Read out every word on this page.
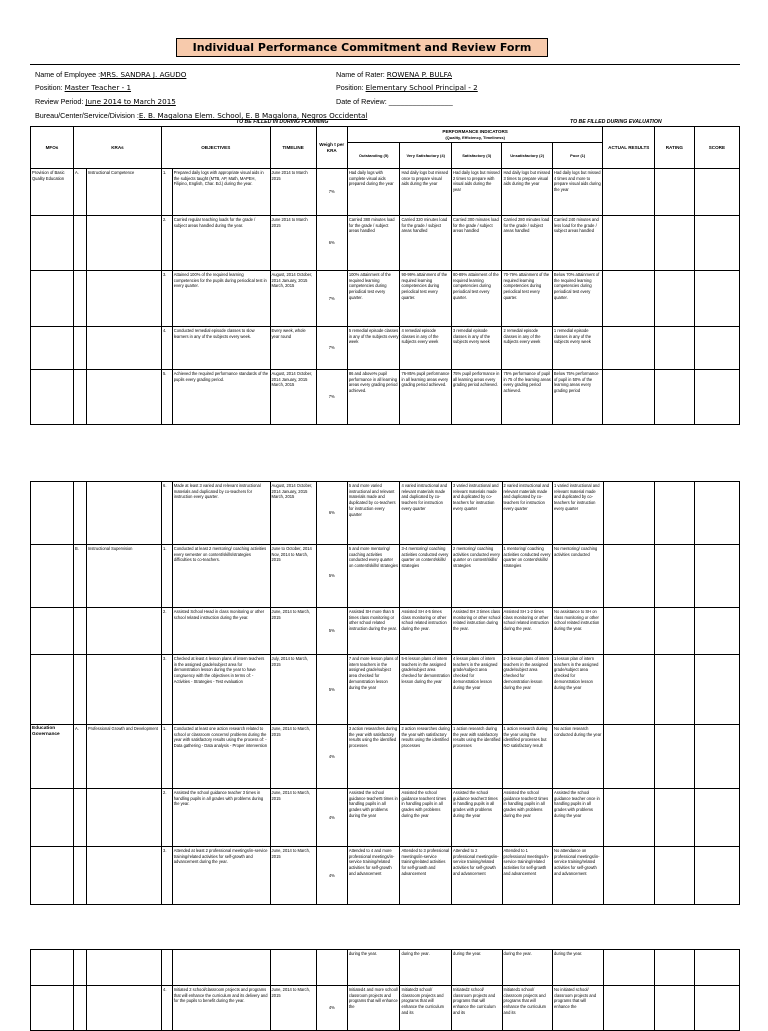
Individual Performance Commitment and Review Form
Name of Employee :MRS. SANDRA J. AGUDO
Position: Master Teacher - 1
Review Period: June 2014 to March 2015
Bureau/Center/Service/Division :E. B. Magalona Elem. School, E. B Magalona, Negros Occidental
Name of Rater: ROWENA P. BULFA
Position: Elementary School Principal - 2
Date of Review: ________________
TO BE FILLED IN DURING PLANNING	TO BE FILLED DURING EVALUATION
MFOs	KRAs		OBJECTIVES		TIMELINE	Weigh t per KRA	PERFORMANCE INDICATORS
(Quality, Efficiency, Timeliness)					ACTUAL RESULTS	RATING	SCORE
							Outstanding (5)	Very Satisfactory (4)	Satisfactory (3)	Unsatisfactory (2)	Poor (1)			
Provision of Basic Quality Education	A.	Instructional Competence	1.	Prepared daily logs with appropriate visual aids in the subjects taught (MTB, AP, Math, MAPEH, Filipino, English, Char. Ed.) during the year.	June 2014 to March 2015	7%	Had daily logs with complete visual aids prepared during the year	Had daily logs but missed once to prepare visual aids during the year	Had daily logs but missed 2 times to prepare with visual aids during the year	Had daily logs but missed 3 times to prepare visual aids during the year	Had daily logs but missed 4 times and more to prepare visual aids during the year			
			2.	Carried regular teaching loads for the grade / subject areas handled during the year.	June 2014 to March 2015	6%	Carried 380 minutes load for the grade / subject areas handled	Carried 320 minutes load for the grade / subject areas handled	Carried 300 minutes load for the grade / subject areas handled	Carried 280 minutes load for the grade / subject areas handled	Carried 240 minutes and less load for the grade / subject areas handled			
			3.	Attained 100% of the required learning competencies for the pupils during periodical test in every quarter.	August, 2014 October, 2014 January, 2015 March, 2015	7%	100% attainment of the required learning competencies during periodical test every quarter.	90-99% attainment of the required learning competencies during periodical test every quarter.	80-89% attainment of the required learning competencies during periodical test every quarter.	70-79% attainment of the required learning competencies during periodical test every quarter.	Below 70% attainment of the required learning competencies during periodical test every quarter.			
			4.	Conducted remedial episode classes to slow learners in any of the subjects every week.	Every week, whole year round	7%	5 remedial episode classes in any of the subjects every week	4 remedial episode classes in any of the subjects every week	3 remedial episode classes in any of the subjects every week	2 remedial episode classes in any of the subjects every week	1 remedial episode classes in any of the subjects every week			
			5.	Achieved the required performance standards of the pupils every grading period.	August, 2014 October, 2014 January, 2015 March, 2015	7%	86 and above% pupil performance in all learning areas every grading period achieved.	76-85% pupil performance in all learning areas every grading period achieved.	75% pupil performance in all learning areas every grading period achieved.	75% performance of pupil in 75 of the learning areas every grading period achieved.	Below 75% performance of pupil in 50% of the learning areas every grading period			
			6.	Made at least 3 varied and relevant instructional materials and duplicated by co-teachers for instruction every quarter.	August, 2014 October, 2014 January, 2015 March, 2015	6%	5 and more varied instructional and relevant materials made and duplicated by co-teachers for instruction every quarter	4 varied instructional and relevant materials made and duplicated by co-teachers for instruction every quarter	3 varied instructional and relevant materials made and duplicated by co-teachers for instruction every quarter	2 varied instructional and relevant materials made and duplicated by co-teachers for instruction every quarter	1 varied instructional and relevant material made and duplicated by co-teachers for instruction every quarter			
	B.	Instructional Supervision	1.	Conducted at least 2 mentoring/ coaching activities every semester on content/skills/strategies difficulties to co-teachers.	June to October, 2014 Nov, 2014 to March, 2015	5%	5 and more mentoring/ coaching activities conducted every quarter on content/skills/ strategies	3-4 mentoring/ coaching activities conducted every quarter on content/skills/ strategies	2 mentoring/ coaching activities conducted every quarter on content/skills/ strategies	1 mentoring/ coaching activities conducted every quarter on content/skills/ strategies	No mentoring/ coaching activities conducted			
			2.	Assisted School Head in class monitoring or other school related instruction during the year.	June, 2014 to March, 2015	5%	Assisted SH more than 5 times class monitoring or other school related instruction during the year.	Assisted SH 4-5 times class monitoring or other school related instruction during the year.	Assisted SH 3 times class monitoring or other school related instruction during the year.	Assisted SH 1-2 times class monitoring or other school related instruction during the year.	No assistance to SH on class monitoring or other school related instruction during the year.			
			3.	Checked at least 4 lesson plans of intern teachers in the assigned grade/subject area for demonstration lesson during the year to have congruency with the objectives in terms of: - Activities - Strategies - Test evaluation	July, 2014 to March, 2015	5%	7 and more lesson plans of intern teachers in the assigned grade/subject area checked for demonstration lesson during the year	5-6 lesson plans of intern teachers in the assigned grade/subject area checked for demonstration lesson during the year	4 lesson plans of intern teachers in the assigned grade/subject area checked for demonstration lesson during the year	2-3 lesson plans of intern teachers in the assigned grade/subject area checked for demonstration lesson during the year	1 lesson plan of intern teachers in the assigned grade/subject area checked for demonstration lesson during the year			
Education Governance	A.	Professional Growth and Development	1.	Conducted at least one action research related to school or classroom concerns/ problems during the year with satisfactory results using the process of: - Data gathering - Data analysis - Proper intervention	June, 2014 to March, 2015	4%	3 action researches during the year with satisfactory results using the identified processes	2 action researches during the year with satisfactory results using the identified processes	1 action research during the year with satisfactory results using the identified processes	1 action research during the year using the identified processes but NO satisfactory result	No action research conducted during the year			
			2.	Assisted the school guidance teacher 3 times in handling pupils in all grades with problems during the year.	June, 2014 to March, 2015	4%	Assisted the school guidance teacher5 times in handling pupils in all grades with problems during the year	Assisted the school guidance teacher4 times in handling pupils in all grades with problems during the year	Assisted the school guidance teacher3 times in handling pupils in all grades with problems during the year	Assisted the school guidance teacher2 times in handling pupils in all grades with problems during the year	Assisted the school guidance teacher once in handling pupils in all grades with problems during the year			
			3.	Attended at least 2 professional meetings/in-service training/related activities for self-growth and advancement during the year.	June, 2014 to March, 2015	4%	Attended to 4 and more professional meetings/in-service training/related activities for self-growth and advancement	Attended to 3 professional meetings/in-service training/related activities for self-growth and advancement	Attended to 2 professional meetings/in-service training/related activities for self-growth and advancement	Attended to 1 professional meetings/in-service training/related activities for self-growth and advancement	No attendance on professional meetings/in-service training/related activities for self-growth and advancement			
							during the year.	during the year.	during the year.	during the year.	during the year.			
			4.	Initiated 2 school/classroom projects and programs that will enhance the curriculum and its delivery and for the pupils to benefit during the year.	June, 2014 to March, 2015	4%	Initiated4 and more school/ classroom projects and programs that will enhance the	Initiated3 school/ classroom projects and programs that will enhance the curriculum and its	Initiated2 school/ classroom projects and programs that will enhance the curriculum and its	Initiated1 school/ classroom projects and programs that will enhance the curriculum and its	No initiated school/ classroom projects and programs that will enhance the			
